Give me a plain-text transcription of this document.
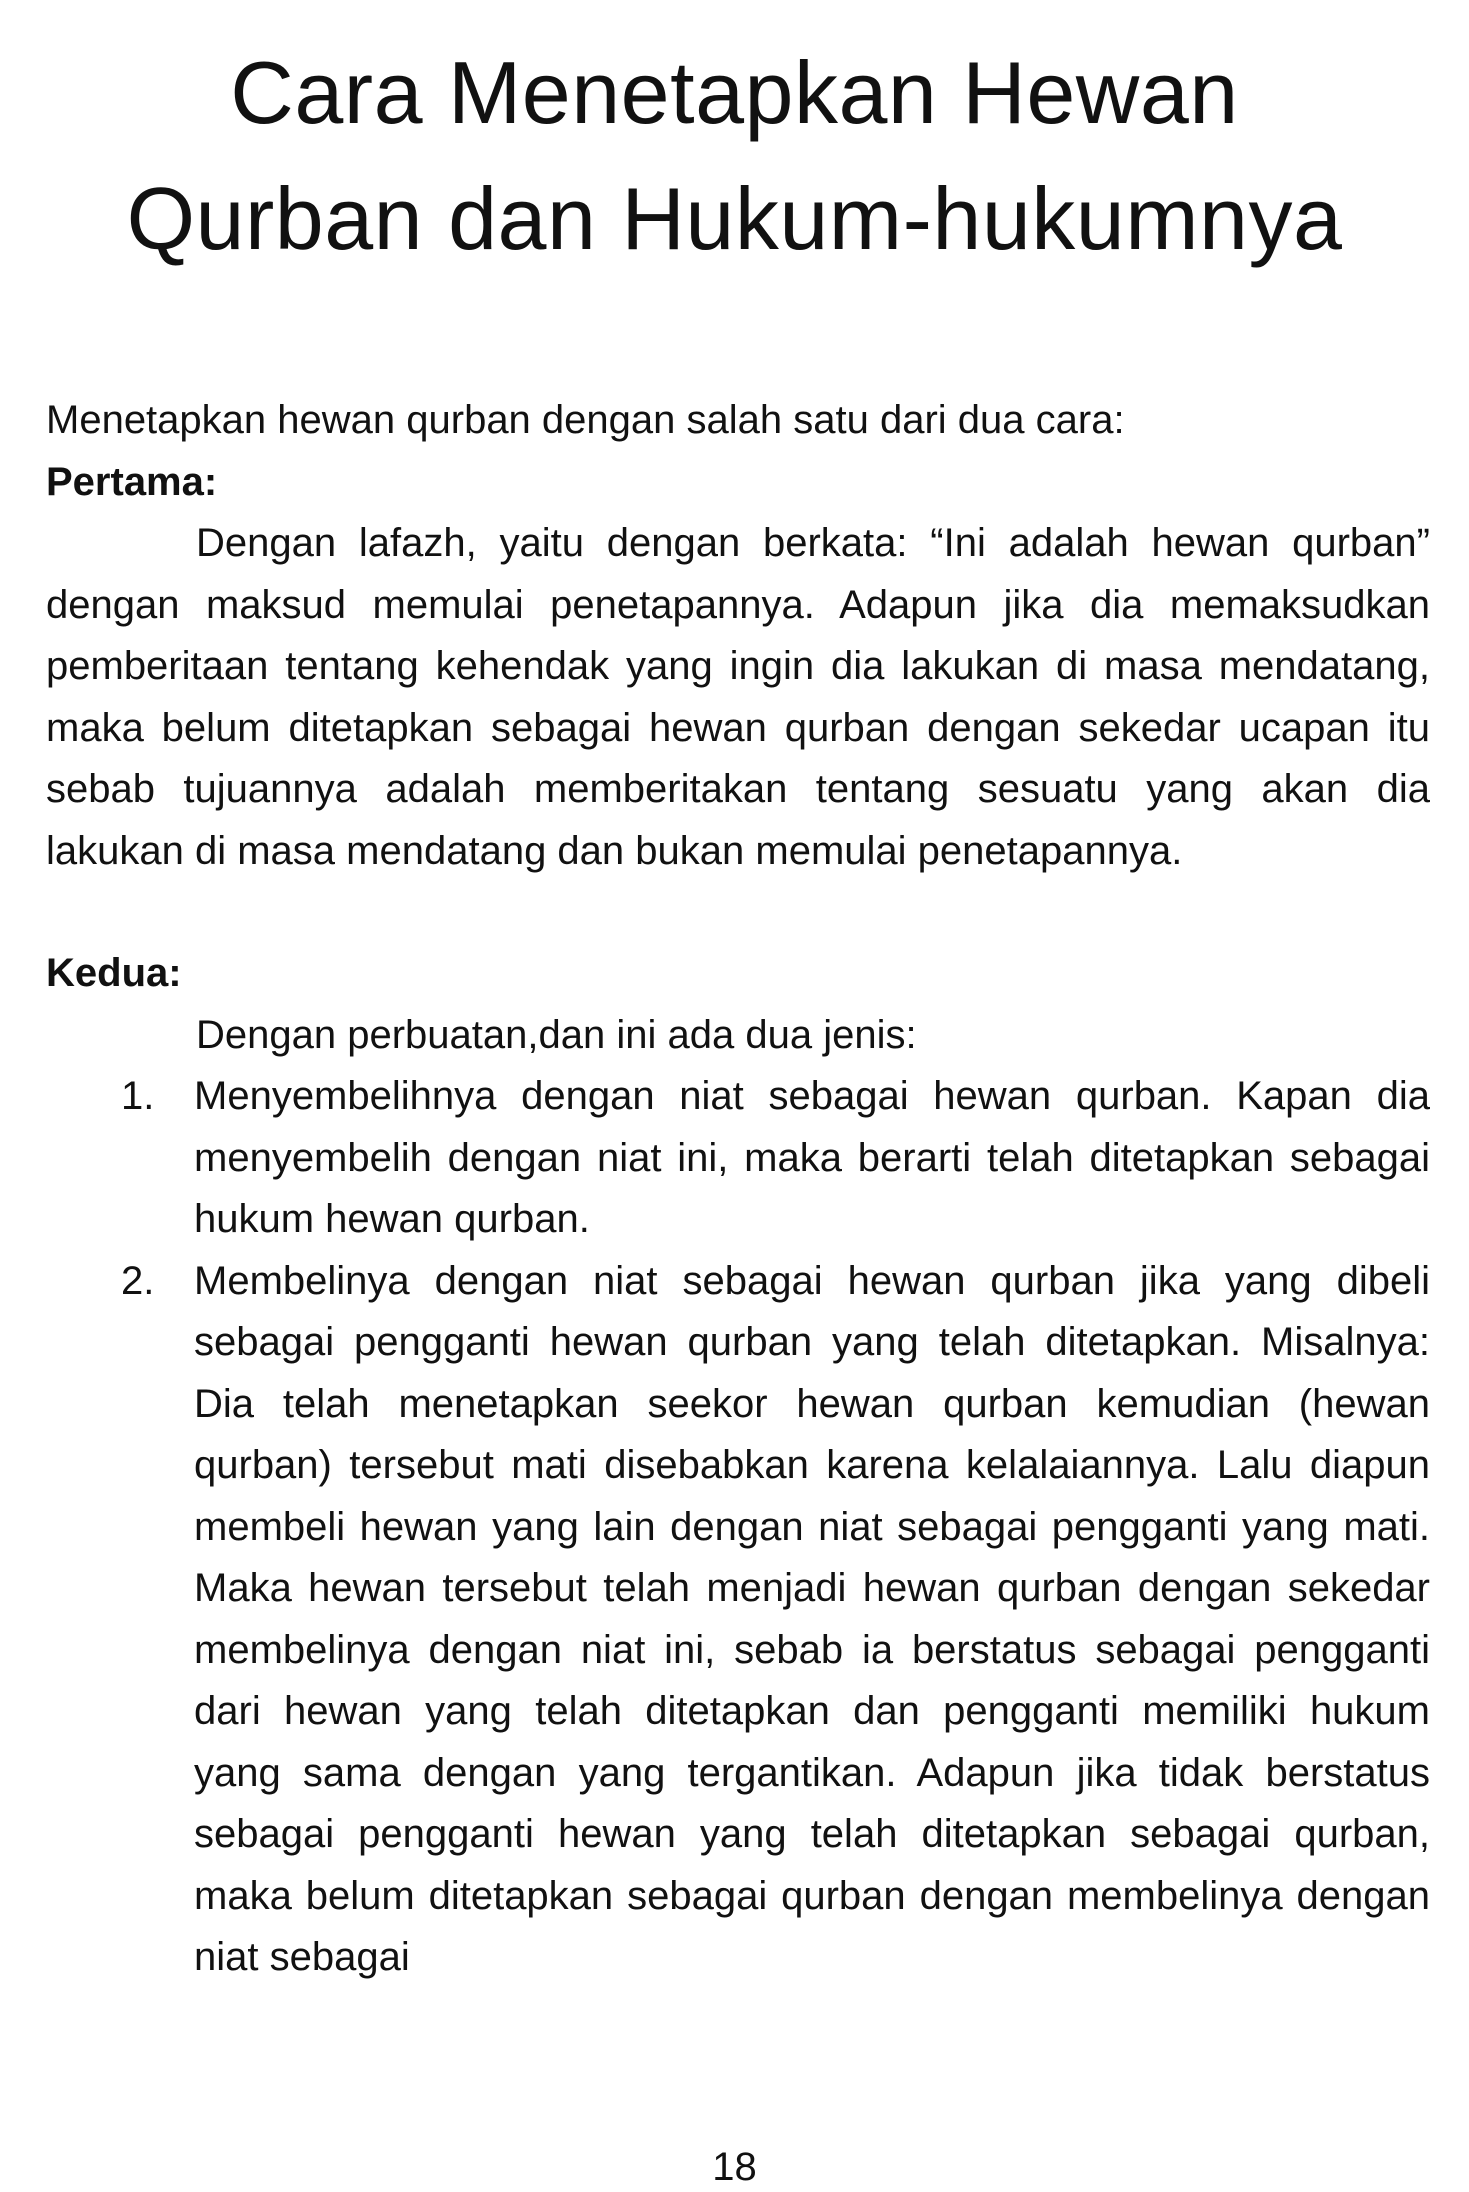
Cara Menetapkan Hewan
Qurban dan Hukum-hukumnya

Menetapkan hewan qurban dengan salah satu dari dua cara:

Pertama:

Dengan lafazh, yaitu dengan berkata: “Ini adalah hewan qurban” dengan maksud memulai penetapannya. Adapun jika dia memaksudkan pemberitaan tentang kehendak yang ingin dia lakukan di masa mendatang, maka belum ditetapkan sebagai hewan qurban dengan sekedar ucapan itu sebab tujuannya adalah memberitakan tentang sesuatu yang akan dia lakukan di masa mendatang dan bukan memulai penetapannya.

Kedua:

Dengan perbuatan,dan ini ada dua jenis:

1. Menyembelihnya dengan niat sebagai hewan qurban. Kapan dia menyembelih dengan niat ini, maka berarti telah ditetapkan sebagai hukum hewan qurban.
2. Membelinya dengan niat sebagai hewan qurban jika yang dibeli sebagai pengganti hewan qurban yang telah ditetapkan. Misalnya: Dia telah menetapkan seekor hewan qurban kemudian (hewan qurban) tersebut mati disebabkan karena kelalaiannya. Lalu diapun membeli hewan yang lain dengan niat sebagai pengganti yang mati. Maka hewan tersebut telah menjadi hewan qurban dengan sekedar membelinya dengan niat ini, sebab ia berstatus sebagai pengganti dari hewan yang telah ditetapkan dan pengganti memiliki hukum yang sama dengan yang tergantikan. Adapun jika tidak berstatus sebagai pengganti hewan yang telah ditetapkan sebagai qurban, maka belum ditetapkan sebagai qurban dengan membelinya dengan niat sebagai
18
